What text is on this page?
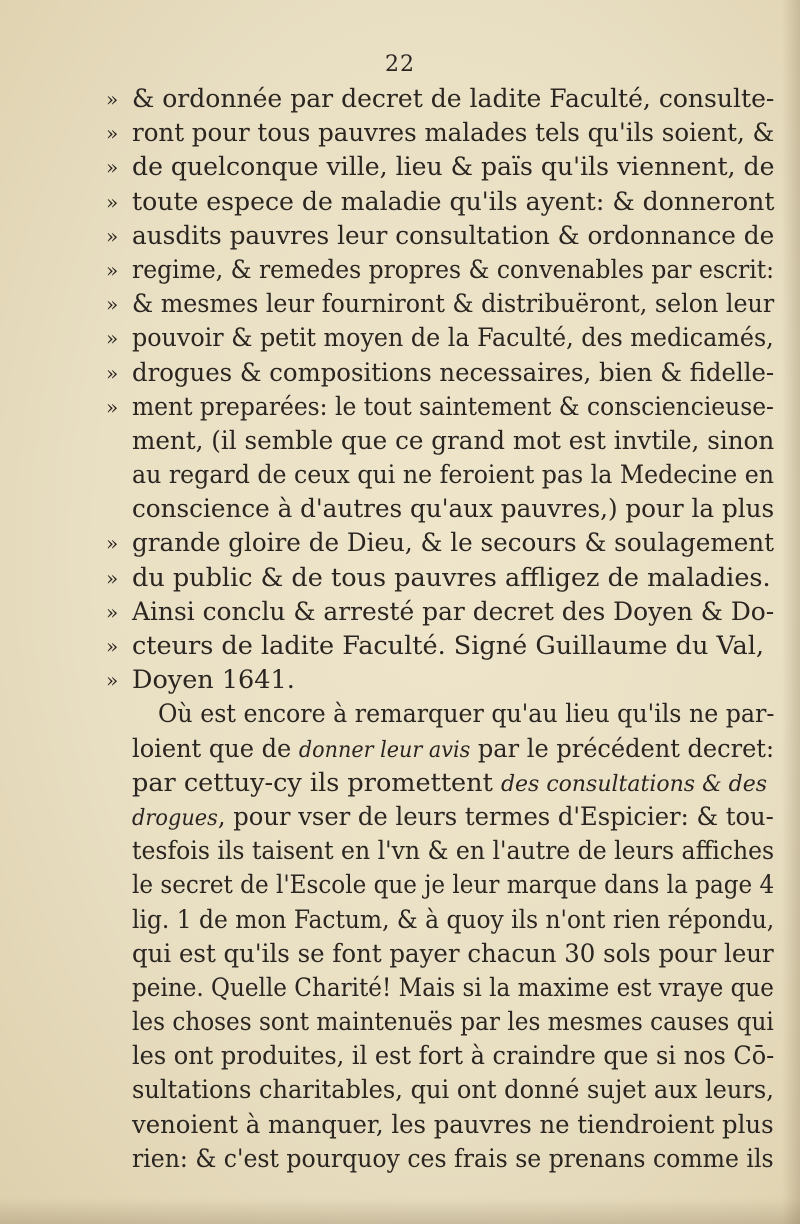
22
» & ordonnée par decret de ladite Faculté, consulte-
» ront pour tous pauvres malades tels qu'ils soient, &
» de quelconque ville, lieu & païs qu'ils viennent, de
» toute espece de maladie qu'ils ayent: & donneront
» ausdits pauvres leur consultation & ordonnance de
» regime, & remedes propres & convenables par escrit:
» & mesmes leur fourniront & distribuëront, selon leur
» pouvoir & petit moyen de la Faculté, des medicamés,
» drogues & compositions necessaires, bien & fidelle-
» ment preparées: le tout saintement & consciencieuse-
ment, (il semble que ce grand mot est invtile, sinon
au regard de ceux qui ne feroient pas la Medecine en
conscience à d'autres qu'aux pauvres,) pour la plus
» grande gloire de Dieu, & le secours & soulagement
» du public & de tous pauvres affligez de maladies.
» Ainsi conclu & arresté par decret des Doyen & Do-
» cteurs de ladite Faculté. Signé Guillaume du Val,
» Doyen 1641.
Où est encore à remarquer qu'au lieu qu'ils ne par-
loient que de donner leur avis par le précédent decret:
par cettuy-cy ils promettent des consultations & des
drogues, pour vser de leurs termes d'Espicier: & tou-
tesfois ils taisent en l'vn & en l'autre de leurs affiches
le secret de l'Escole que je leur marque dans la page 4
lig. 1 de mon Factum, & à quoy ils n'ont rien répondu,
qui est qu'ils se font payer chacun 30 sols pour leur
peine. Quelle Charité! Mais si la maxime est vraye que
les choses sont maintenuës par les mesmes causes qui
les ont produites, il est fort à craindre que si nos Cō-
sultations charitables, qui ont donné sujet aux leurs,
venoient à manquer, les pauvres ne tiendroient plus
rien: & c'est pourquoy ces frais se prenans comme ils
